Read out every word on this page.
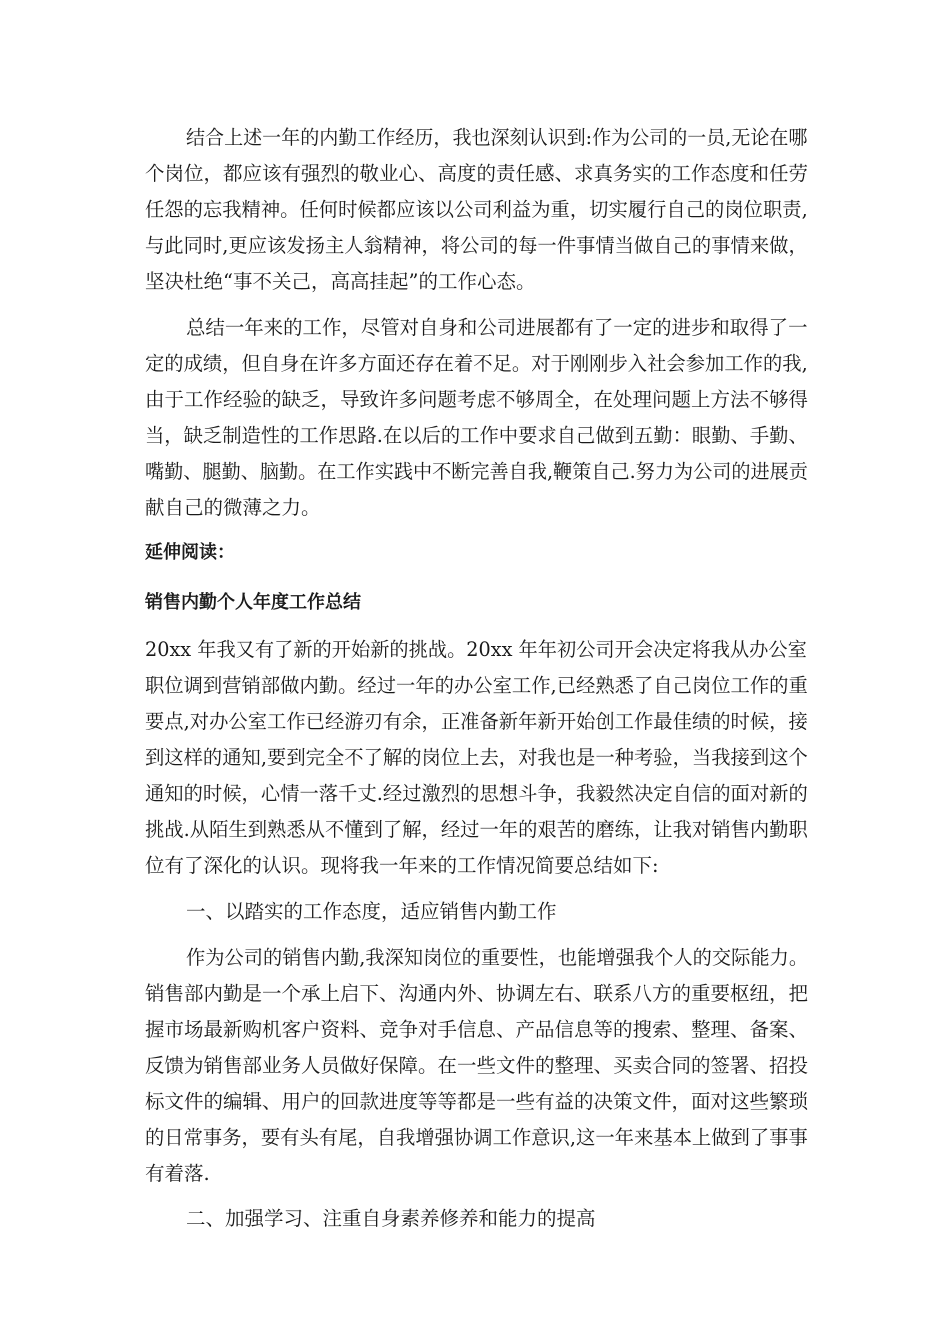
结合上述一年的内勤工作经历，我也深刻认识到:作为公司的一员,无论在哪
个岗位，都应该有强烈的敬业心、高度的责任感、求真务实的工作态度和任劳
任怨的忘我精神。任何时候都应该以公司利益为重，切实履行自己的岗位职责,
与此同时,更应该发扬主人翁精神，将公司的每一件事情当做自己的事情来做，
坚决杜绝“事不关己，高高挂起”的工作心态。
总结一年来的工作，尽管对自身和公司进展都有了一定的进步和取得了一
定的成绩，但自身在许多方面还存在着不足。对于刚刚步入社会参加工作的我,
由于工作经验的缺乏，导致许多问题考虑不够周全，在处理问题上方法不够得
当，缺乏制造性的工作思路.在以后的工作中要求自己做到五勤：眼勤、手勤、
嘴勤、腿勤、脑勤。在工作实践中不断完善自我,鞭策自己.努力为公司的进展贡
献自己的微薄之力。
延伸阅读：
销售内勤个人年度工作总结
20xx 年我又有了新的开始新的挑战。20xx 年年初公司开会决定将我从办公室
职位调到营销部做内勤。经过一年的办公室工作,已经熟悉了自己岗位工作的重
要点,对办公室工作已经游刃有余，正准备新年新开始创工作最佳绩的时候，接
到这样的通知,要到完全不了解的岗位上去，对我也是一种考验，当我接到这个
通知的时候，心情一落千丈.经过激烈的思想斗争，我毅然决定自信的面对新的
挑战.从陌生到熟悉从不懂到了解，经过一年的艰苦的磨练，让我对销售内勤职
位有了深化的认识。现将我一年来的工作情况简要总结如下:
一、以踏实的工作态度，适应销售内勤工作
作为公司的销售内勤,我深知岗位的重要性，也能增强我个人的交际能力。
销售部内勤是一个承上启下、沟通内外、协调左右、联系八方的重要枢纽，把
握市场最新购机客户资料、竞争对手信息、产品信息等的搜索、整理、备案、
反馈为销售部业务人员做好保障。在一些文件的整理、买卖合同的签署、招投
标文件的编辑、用户的回款进度等等都是一些有益的决策文件，面对这些繁琐
的日常事务，要有头有尾，自我增强协调工作意识,这一年来基本上做到了事事
有着落.
二、加强学习、注重自身素养修养和能力的提高
